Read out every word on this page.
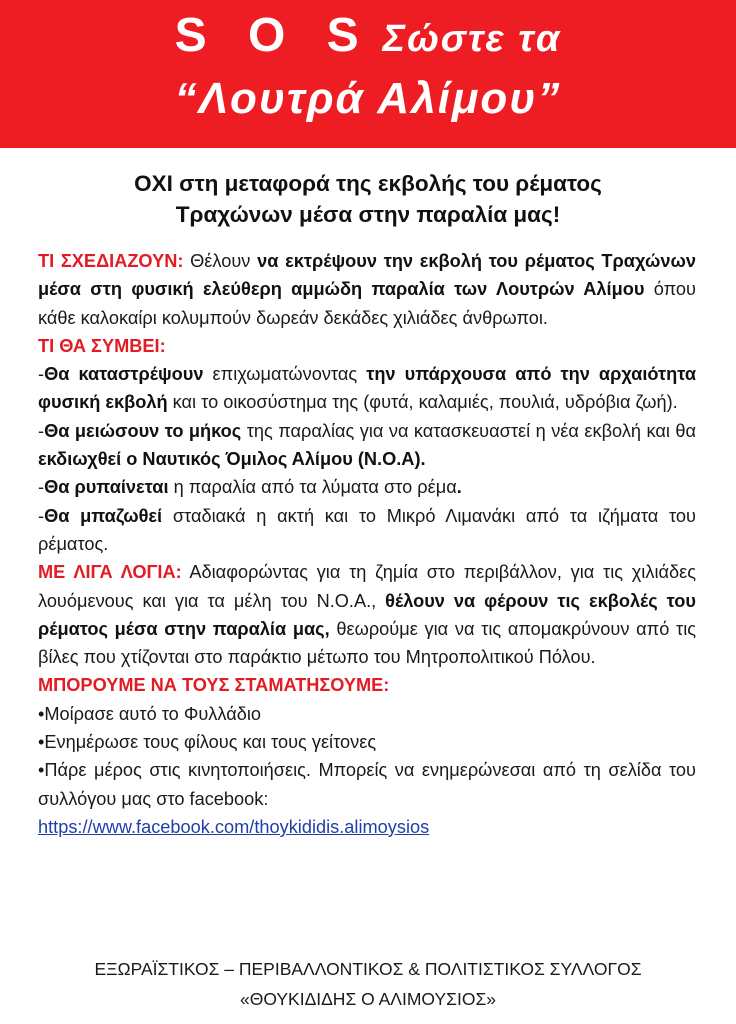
S O S Σώστε τα
“Λουτρά Αλίμου”
ΟΧΙ στη μεταφορά της εκβολής του ρέματος
Τραχώνων μέσα στην παραλία μας!

ΤΙ ΣΧΕΔΙΑΖΟΥΝ: Θέλουν να εκτρέψουν την εκβολή του ρέματος Τραχώνων μέσα στη φυσική ελεύθερη αμμώδη παραλία των Λουτρών Αλίμου όπου κάθε καλοκαίρι κολυμπούν δωρεάν δεκάδες χιλιάδες άνθρωποι.

ΤΙ ΘΑ ΣΥΜΒΕΙ:

-Θα καταστρέψουν επιχωματώνοντας την υπάρχουσα από την αρχαιότητα φυσική εκβολή και το οικοσύστημα της (φυτά, καλαμιές, πουλιά, υδρόβια ζωή).

-Θα μειώσουν το μήκος της παραλίας για να κατασκευαστεί η νέα εκβολή και θα εκδιωχθεί ο Ναυτικός Όμιλος Αλίμου (Ν.Ο.Α).

-Θα ρυπαίνεται η παραλία από τα λύματα στο ρέμα.

-Θα μπαζωθεί σταδιακά η ακτή και το Μικρό Λιμανάκι από τα ιζήματα του ρέματος.

ΜΕ ΛΙΓΑ ΛΟΓΙΑ: Αδιαφορώντας για τη ζημία στο περιβάλλον, για τις χιλιάδες λουόμενους και για τα μέλη του Ν.Ο.Α., θέλουν να φέρουν τις εκβολές του ρέματος μέσα στην παραλία μας, θεωρούμε για να τις απομακρύνουν από τις βίλες που χτίζονται στο παράκτιο μέτωπο του Μητροπολιτικού Πόλου.

ΜΠΟΡΟΥΜΕ ΝΑ ΤΟΥΣ ΣΤΑΜΑΤΗΣΟΥΜΕ:

•Μοίρασε αυτό το Φυλλάδιο

•Ενημέρωσε τους φίλους και τους γείτονες

•Πάρε μέρος στις κινητοποιήσεις. Μπορείς να ενημερώνεσαι από τη σελίδα του συλλόγου μας στο facebook:

https://www.facebook.com/thoykididis.alimoysios

ΕΞΩΡΑΪΣΤΙΚΟΣ – ΠΕΡΙΒΑΛΛΟΝΤΙΚΟΣ & ΠΟΛΙΤΙΣΤΙΚΟΣ ΣΥΛΛΟΓΟΣ
«ΘΟΥΚΙΔΙΔΗΣ Ο ΑΛΙΜΟΥΣΙΟΣ»
